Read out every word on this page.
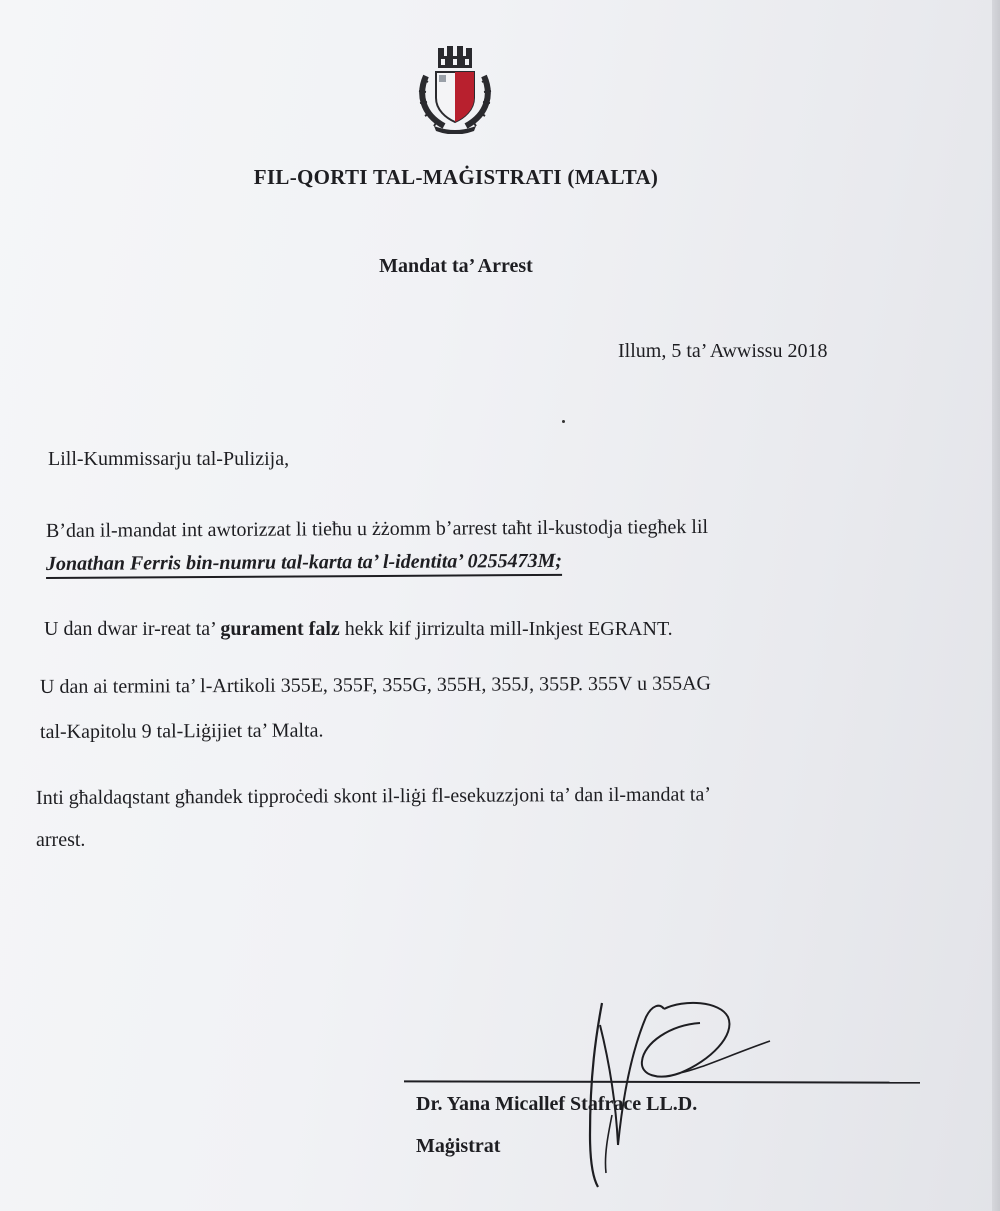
FIL-QORTI TAL-MAĠISTRATI (MALTA)
Mandat ta’ Arrest
Illum, 5 ta’ Awwissu 2018
Lill-Kummissarju tal-Pulizija,
B’dan il-mandat int awtorizzat li tieħu u żżomm b’arrest taħt il-kustodja tiegħek lil
Jonathan Ferris bin-numru tal-karta ta’ l-identita’ 0255473M;
U dan dwar ir-reat ta’ gurament falz hekk kif jirrizulta mill-Inkjest EGRANT.
U dan ai termini ta’ l-Artikoli 355E, 355F, 355G, 355H, 355J, 355P. 355V u 355AG
tal-Kapitolu 9 tal-Liġijiet ta’ Malta.
Inti għaldaqstant għandek tipproċedi skont il-liġi fl-esekuzzjoni ta’ dan il-mandat ta’
arrest.
Dr. Yana Micallef Stafrace LL.D.
Maġistrat
